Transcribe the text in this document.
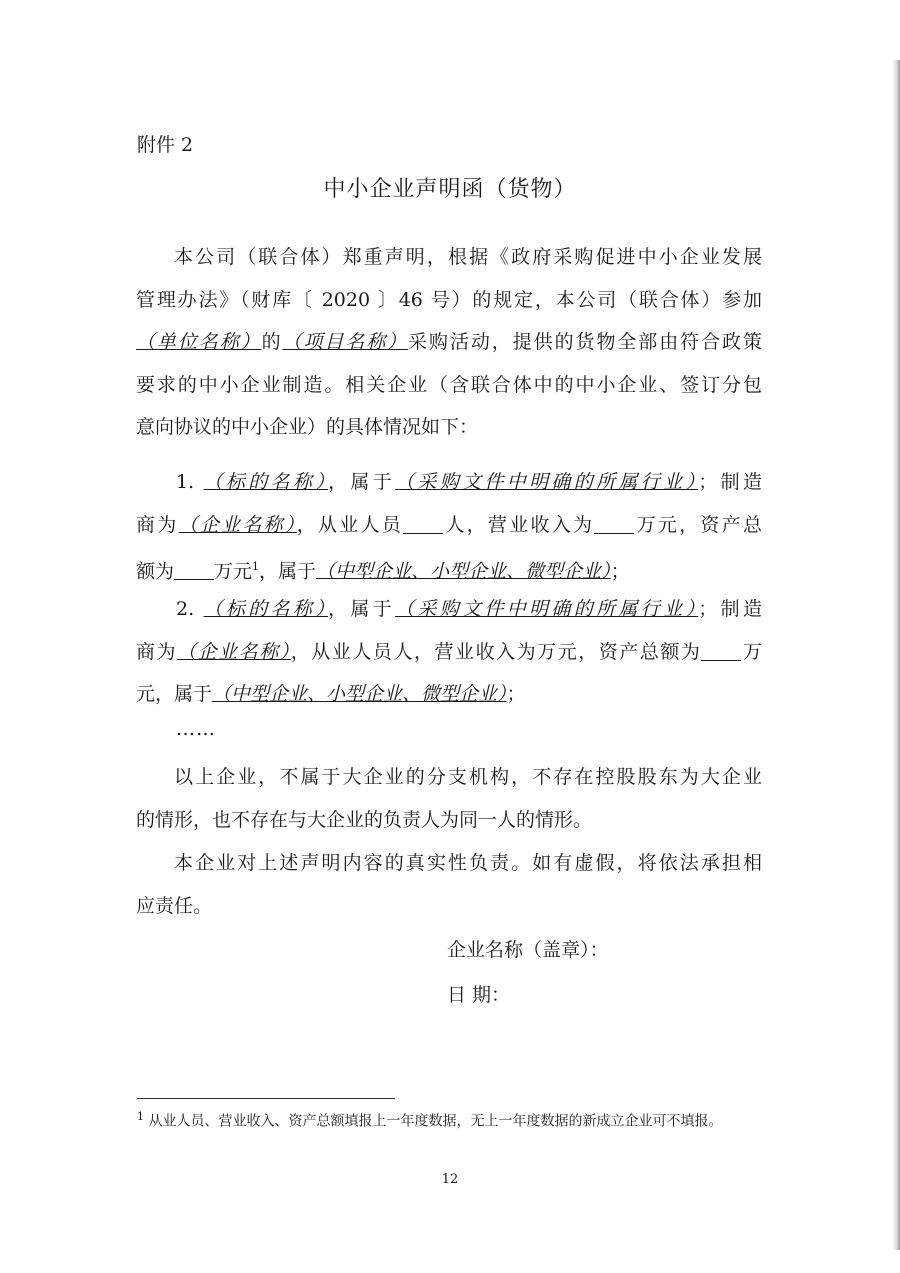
附件 2
中小企业声明函（货物）
本公司（联合体）郑重声明，根据《政府采购促进中小企业发展
管理办法》（财库〔 2020 〕46 号）的规定，本公司（联合体）参加
（单位名称）的（项目名称）采购活动，提供的货物全部由符合政策
要求的中小企业制造。相关企业（含联合体中的中小企业、签订分包
意向协议的中小企业）的具体情况如下：
1. （标的名称），属于（采购文件中明确的所属行业）；制造
商为（企业名称），从业人员 人，营业收入为 万元，资产总
额为 万元$^1$，属于（中型企业、小型企业、微型企业）；
2. （标的名称），属于（采购文件中明确的所属行业）；制造
商为（企业名称），从业人员人，营业收入为万元，资产总额为 万
元，属于（中型企业、小型企业、微型企业）；
……
以上企业，不属于大企业的分支机构，不存在控股股东为大企业
的情形，也不存在与大企业的负责人为同一人的情形。
本企业对上述声明内容的真实性负责。如有虚假，将依法承担相
应责任。
企业名称（盖章）：
日 期：
$^1$ 从业人员、营业收入、资产总额填报上一年度数据，无上一年度数据的新成立企业可不填报。
12
